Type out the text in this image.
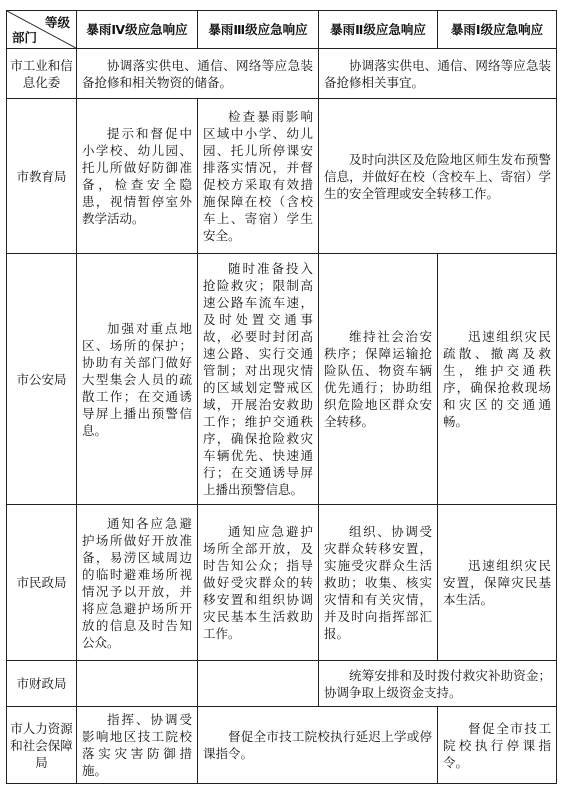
等级
部门	暴雨Ⅳ级应急响应	暴雨Ⅲ级应急响应	暴雨Ⅱ级应急响应	暴雨Ⅰ级应急响应
市工业和信息化委	协调落实供电、通信、网络等应急装备抢修和相关物资的储备。		协调落实供电、通信、网络等应急装备抢修相关事宜。	
市教育局	提示和督促中小学校、幼儿园、托儿所做好防御准备，检查安全隐患，视情暂停室外教学活动。	检查暴雨影响区域中小学、幼儿园、托儿所停课安排落实情况，并督促校方采取有效措施保障在校（含校车上、寄宿）学生安全。	及时向洪区及危险地区师生发布预警信息，并做好在校（含校车上、寄宿）学生的安全管理或安全转移工作。	
市公安局	加强对重点地区、场所的保护；协助有关部门做好大型集会人员的疏散工作；在交通诱导屏上播出预警信息。	随时准备投入抢险救灾；限制高速公路车流车速，及时处置交通事故，必要时封闭高速公路、实行交通管制；对出现灾情的区域划定警戒区域，开展治安救助工作；维护交通秩序，确保抢险救灾车辆优先、快速通行；在交通诱导屏上播出预警信息。	维持社会治安秩序；保障运输抢险队伍、物资车辆优先通行；协助组织危险地区群众安全转移。	迅速组织灾民疏散、撤离及救生，维护交通秩序，确保抢救现场和灾区的交通通畅。
市民政局	通知各应急避护场所做好开放准备，易涝区域周边的临时避难场所视情况予以开放，并将应急避护场所开放的信息及时告知公众。	通知应急避护场所全部开放，及时告知公众；指导做好受灾群众的转移安置和组织协调灾民基本生活救助工作。	组织、协调受灾群众转移安置，实施受灾群众生活救助；收集、核实灾情和有关灾情，并及时向指挥部汇报。	迅速组织灾民安置，保障灾民基本生活。
市财政局			统筹安排和及时拨付救灾补助资金；协调争取上级资金支持。	
市人力资源和社会保障局	指挥、协调受影响地区技工院校落实灾害防御措施。	督促全市技工院校执行延迟上学或停课指令。		督促全市技工院校执行停课指令。
